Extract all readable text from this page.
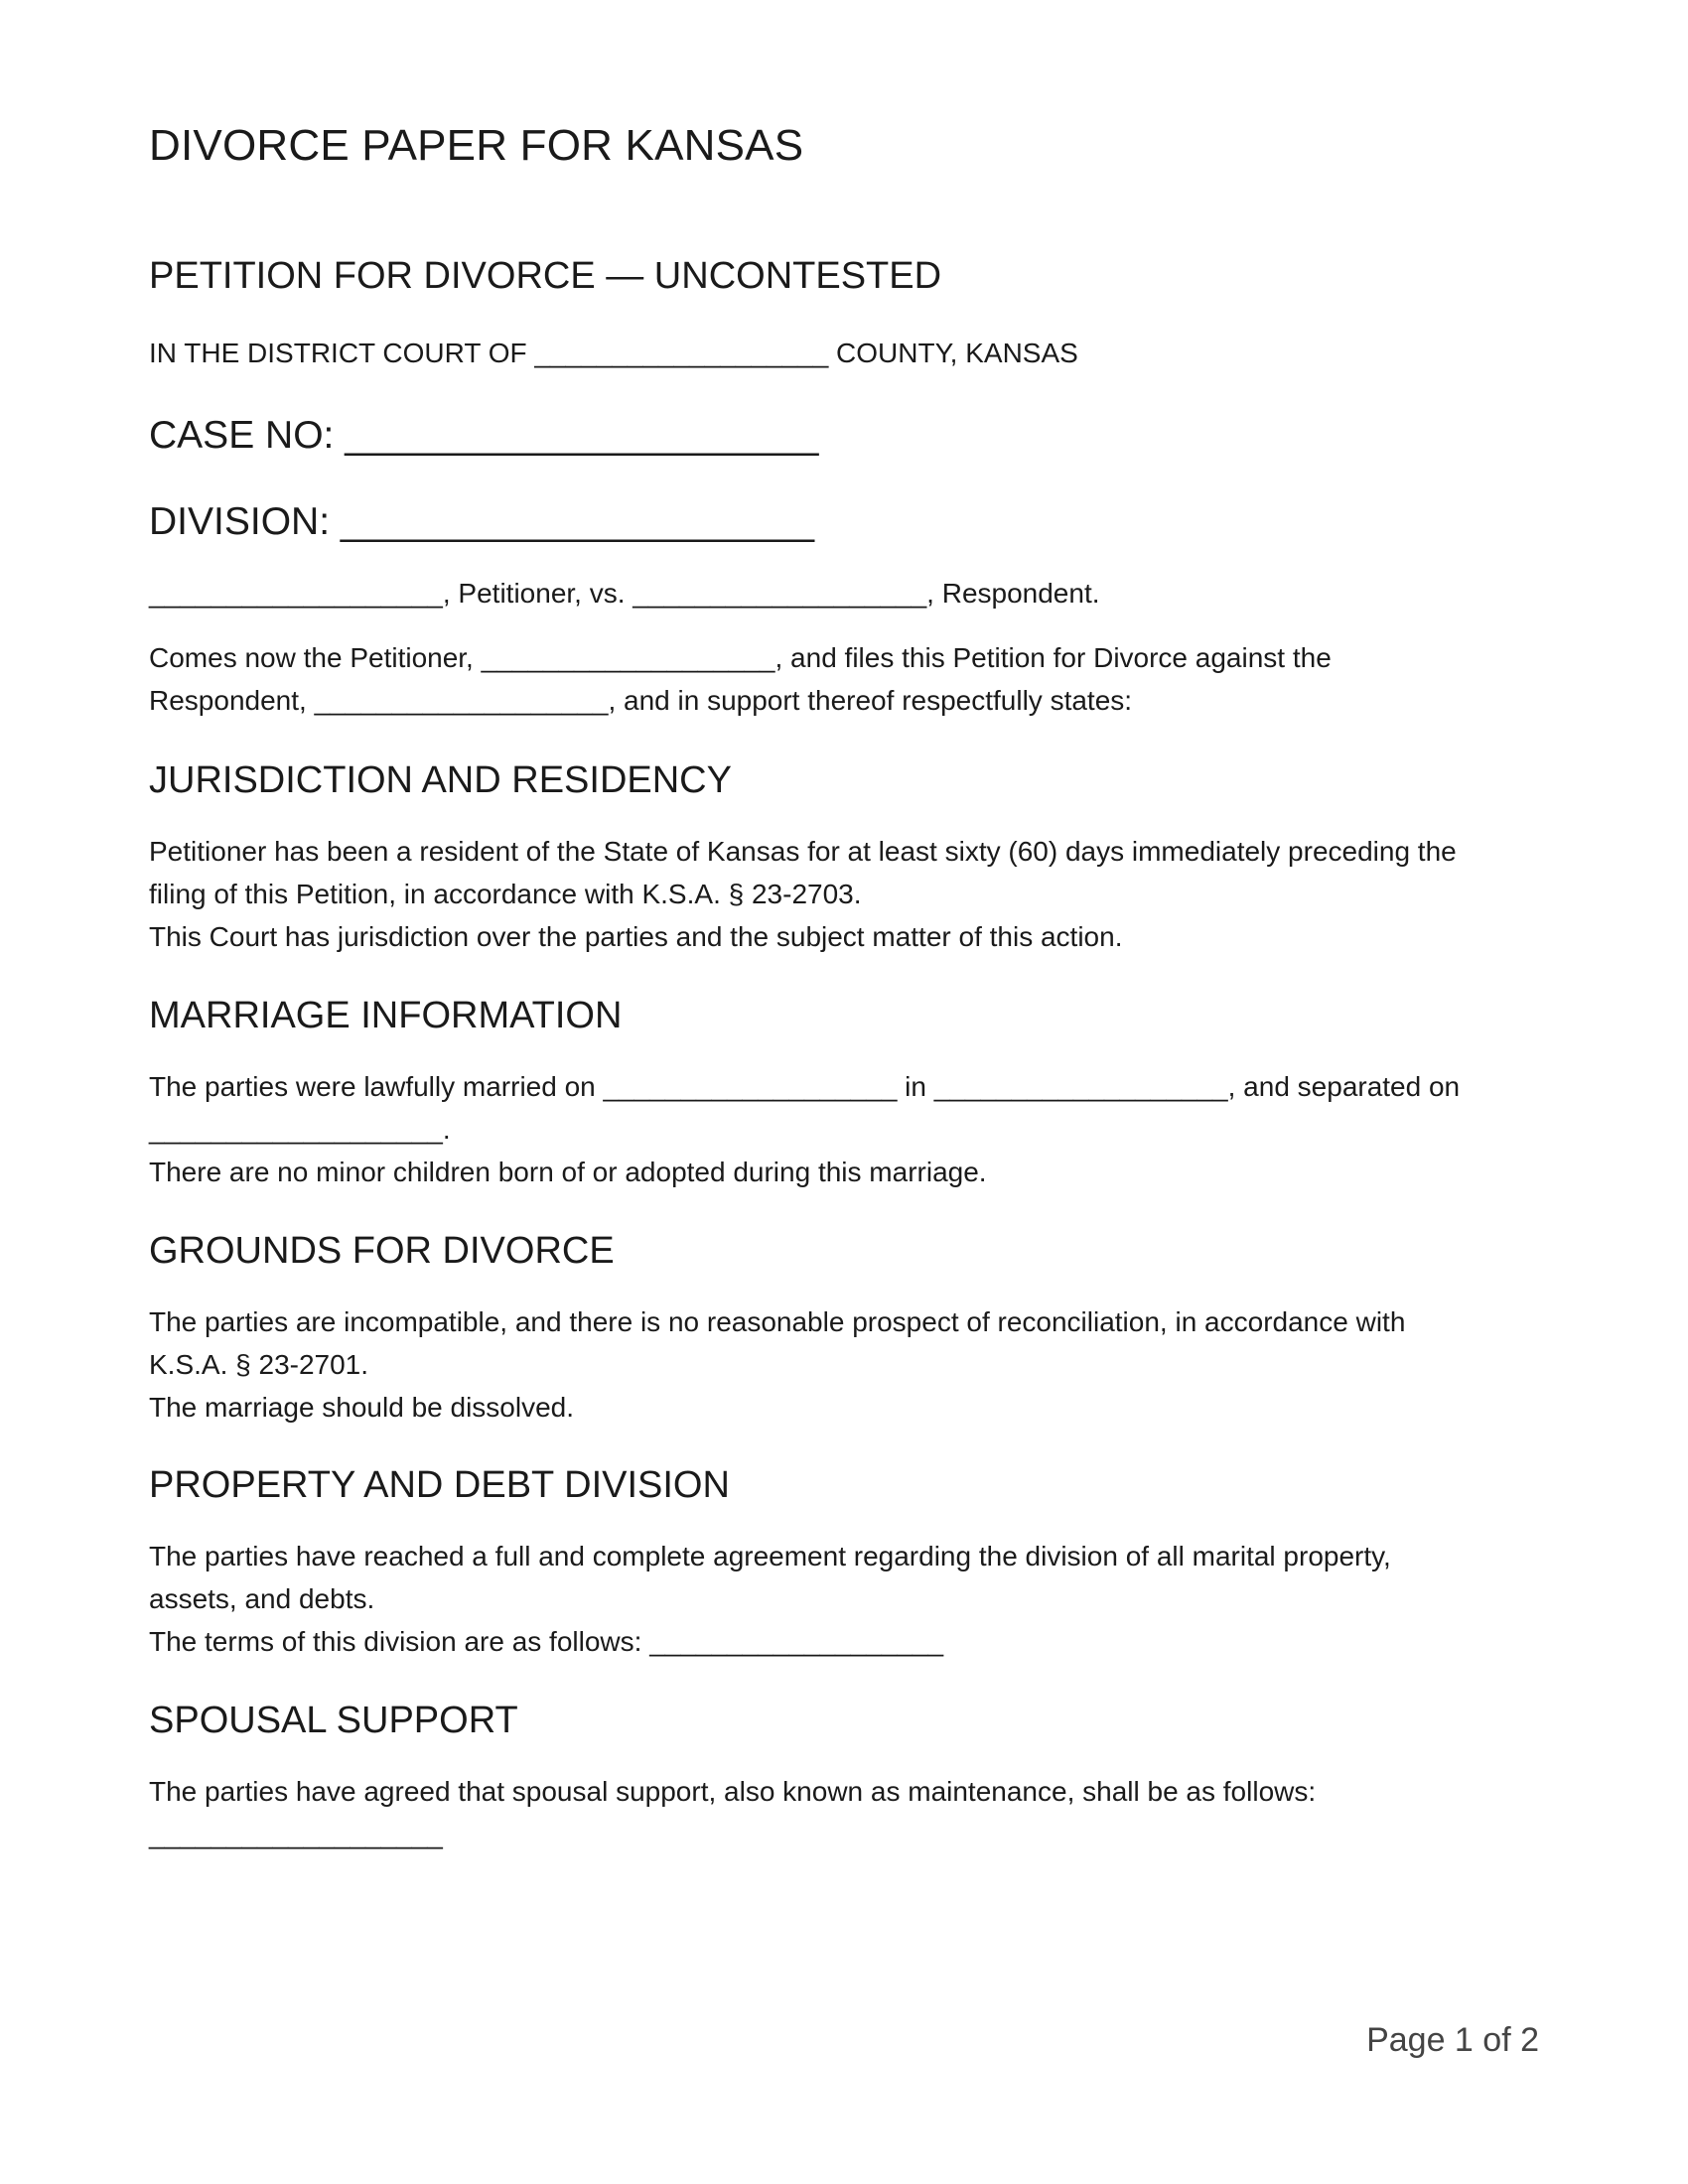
DIVORCE PAPER FOR KANSAS
PETITION FOR DIVORCE — UNCONTESTED

IN THE DISTRICT COURT OF ___________________ COUNTY, KANSAS

CASE NO: ______________________

DIVISION: ______________________

___________________, Petitioner, vs. ___________________, Respondent.

Comes now the Petitioner, ___________________, and files this Petition for Divorce against the
Respondent, ___________________, and in support thereof respectfully states:
JURISDICTION AND RESIDENCY
Petitioner has been a resident of the State of Kansas for at least sixty (60) days immediately preceding the
filing of this Petition, in accordance with K.S.A. § 23-2703.
This Court has jurisdiction over the parties and the subject matter of this action.
MARRIAGE INFORMATION
The parties were lawfully married on ___________________ in ___________________, and separated on
___________________.
There are no minor children born of or adopted during this marriage.
GROUNDS FOR DIVORCE
The parties are incompatible, and there is no reasonable prospect of reconciliation, in accordance with
K.S.A. § 23-2701.
The marriage should be dissolved.
PROPERTY AND DEBT DIVISION
The parties have reached a full and complete agreement regarding the division of all marital property,
assets, and debts.
The terms of this division are as follows: ___________________
SPOUSAL SUPPORT
The parties have agreed that spousal support, also known as maintenance, shall be as follows:
___________________
Page 1 of 2
